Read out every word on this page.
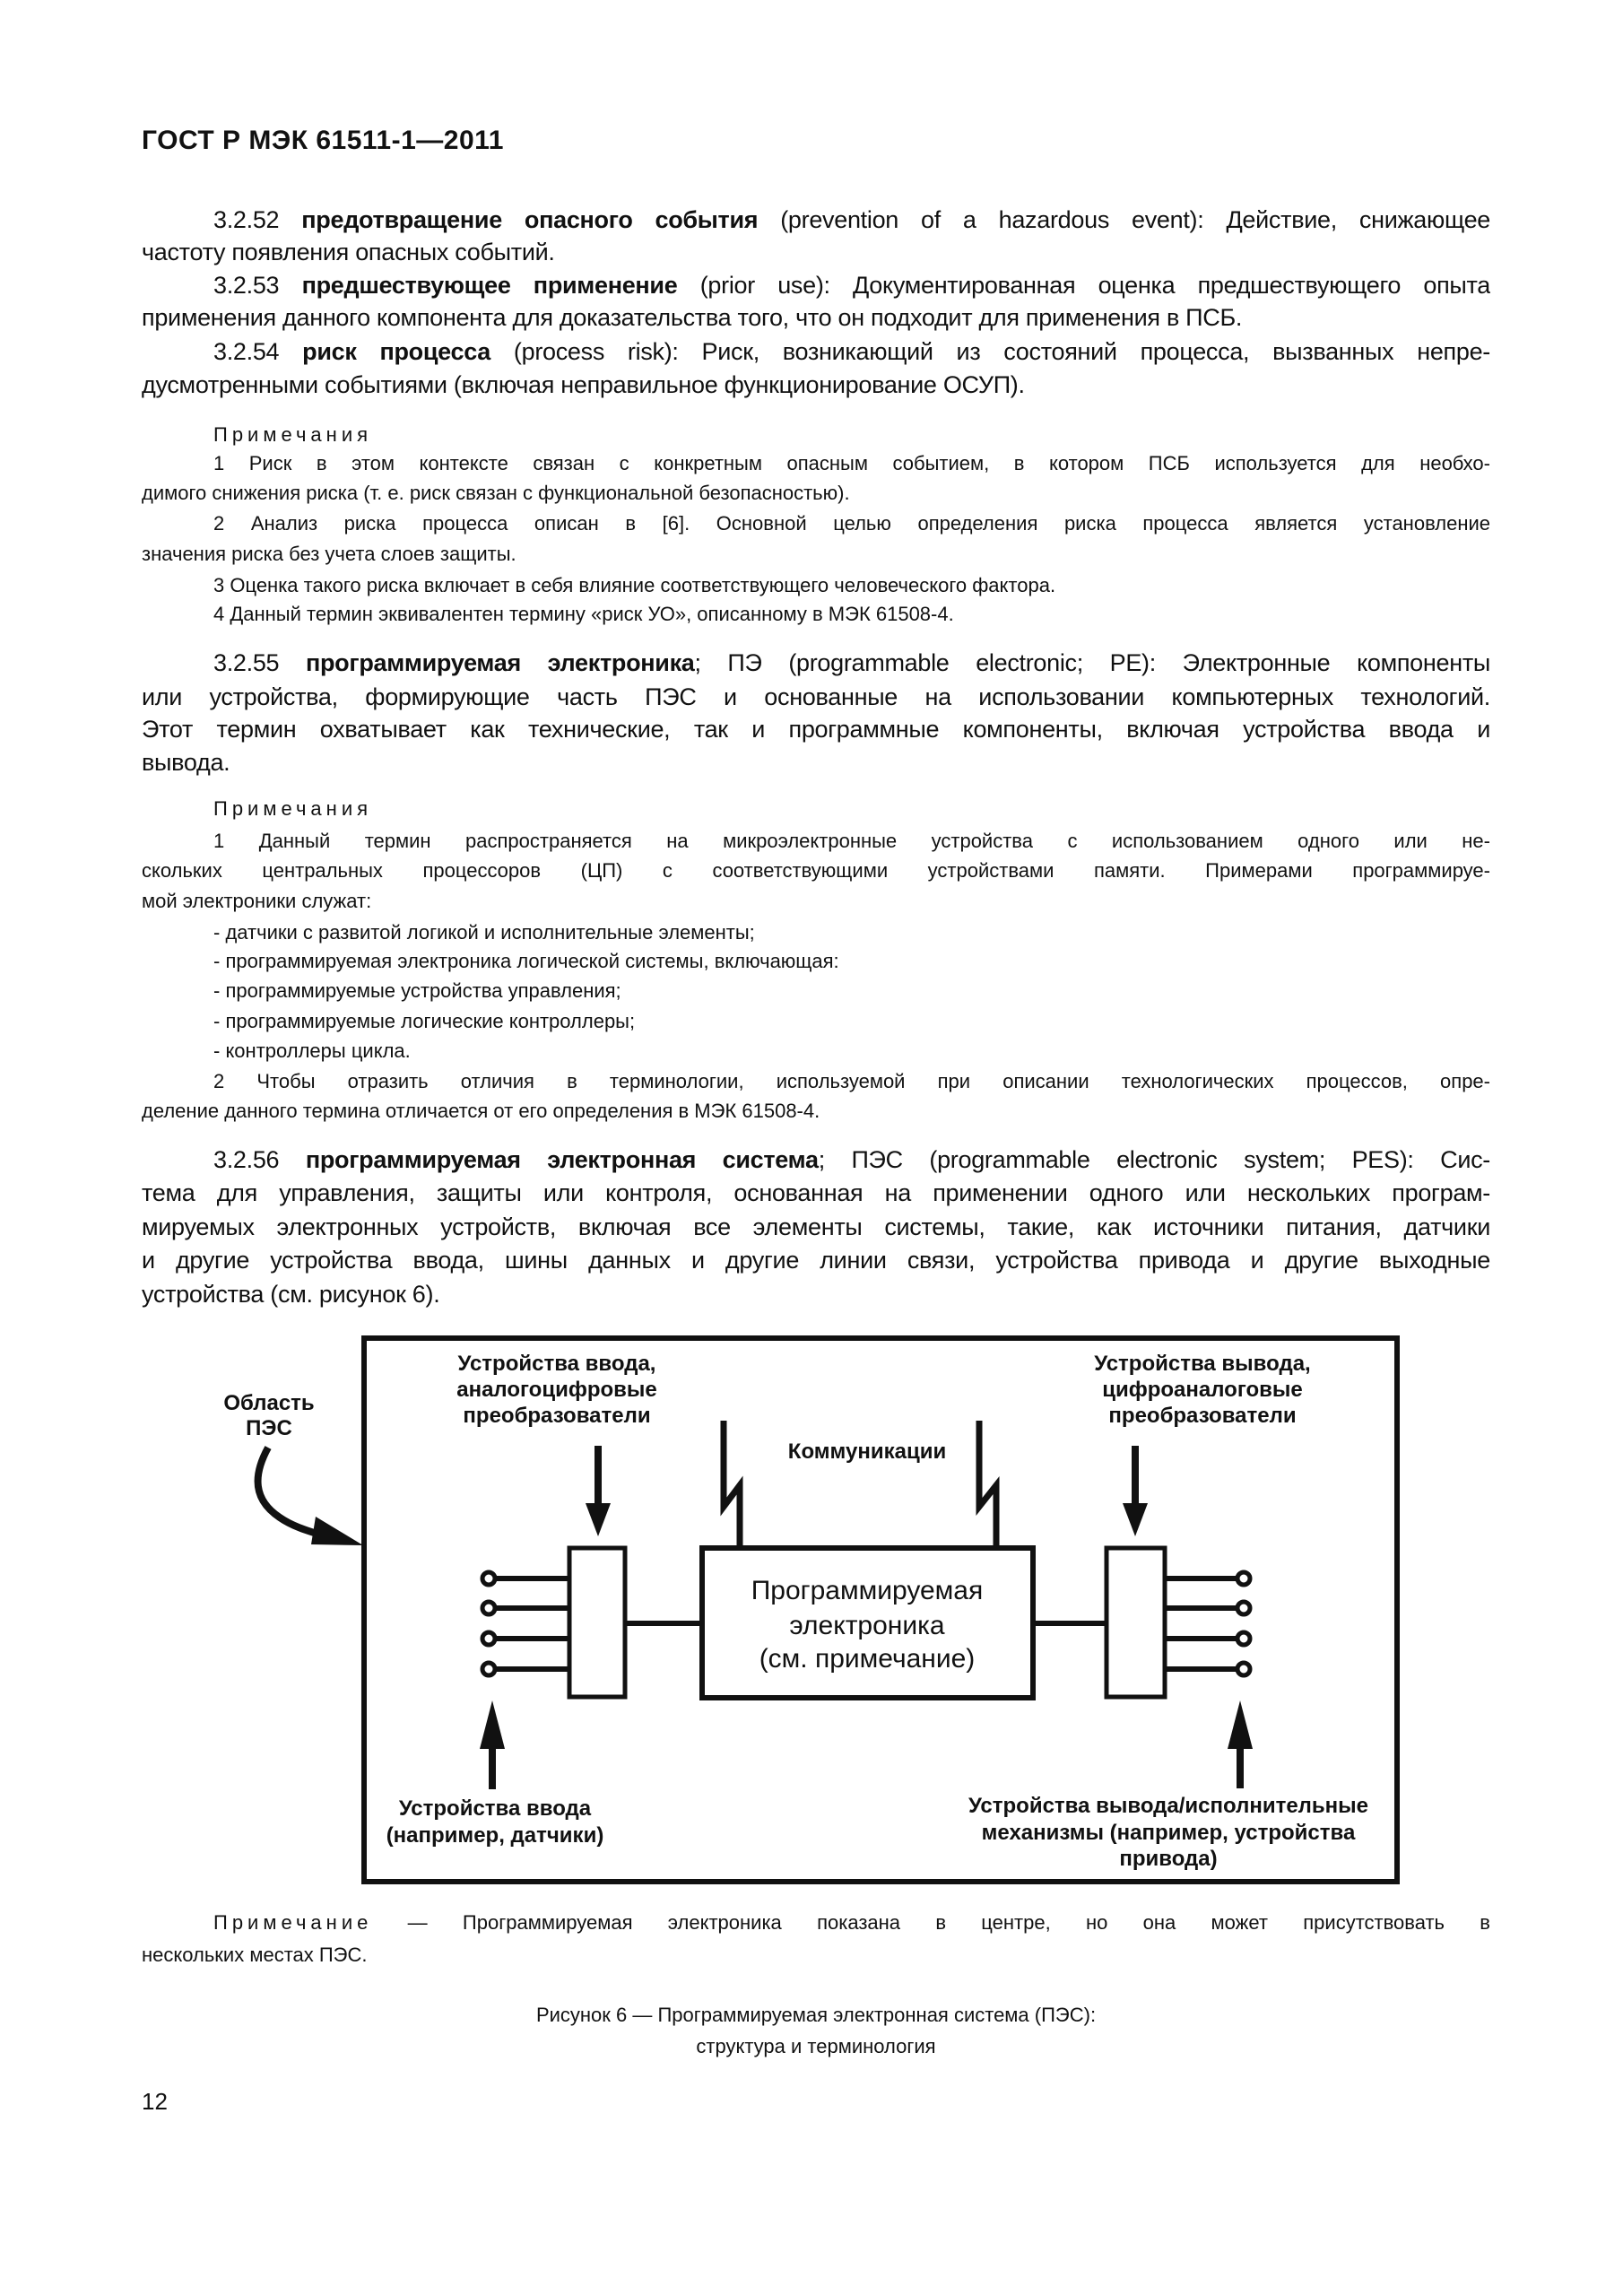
ГОСТ Р МЭК 61511-1—2011
3.2.52 предотвращение опасного события (prevention of a hazardous event): Действие, снижающее
частоту появления опасных событий.
3.2.53 предшествующее применение (prior use): Документированная оценка предшествующего опыта
применения данного компонента для доказательства того, что он подходит для применения в ПСБ.
3.2.54 риск процесса (process risk): Риск, возникающий из состояний процесса, вызванных непре-
дусмотренными событиями (включая неправильное функционирование ОСУП).
Примечания
1 Риск в этом контексте связан с конкретным опасным событием, в котором ПСБ используется для необхо-
димого снижения риска (т. е. риск связан с функциональной безопасностью).
2 Анализ риска процесса описан в [6]. Основной целью определения риска процесса является установление
значения риска без учета слоев защиты.
3 Оценка такого риска включает в себя влияние соответствующего человеческого фактора.
4 Данный термин эквивалентен термину «риск УО», описанному в МЭК 61508-4.
3.2.55 программируемая электроника; ПЭ (programmable electronic; PE): Электронные компоненты
или устройства, формирующие часть ПЭС и основанные на использовании компьютерных технологий.
Этот термин охватывает как технические, так и программные компоненты, включая устройства ввода и
вывода.
Примечания
1 Данный термин распространяется на микроэлектронные устройства с использованием одного или не-
скольких центральных процессоров (ЦП) с соответствующими устройствами памяти. Примерами программируе-
мой электроники служат:
- датчики с развитой логикой и исполнительные элементы;
- программируемая электроника логической системы, включающая:
- программируемые устройства управления;
- программируемые логические контроллеры;
- контроллеры цикла.
2 Чтобы отразить отличия в терминологии, используемой при описании технологических процессов, опре-
деление данного термина отличается от его определения в МЭК 61508-4.
3.2.56 программируемая электронная система; ПЭС (programmable electronic system; PES): Сис-
тема для управления, защиты или контроля, основанная на применении одного или нескольких програм-
мируемых электронных устройств, включая все элементы системы, такие, как источники питания, датчики
и другие устройства ввода, шины данных и другие линии связи, устройства привода и другие выходные
устройства (см. рисунок 6).
Область
ПЭС
Устройства ввода,
аналогоцифровые
преобразователи
Устройства ввода
(например, датчики)
Программируемая
электроника
(см. примечание)
Коммуникации
Устройства вывода,
цифроаналоговые
преобразователи
Устройства вывода/исполнительные
механизмы (например, устройства
привода)
Примечание — Программируемая электроника показана в центре, но она может присутствовать в
нескольких местах ПЭС.
Рисунок 6 — Программируемая электронная система (ПЭС):
структура и терминология
12
